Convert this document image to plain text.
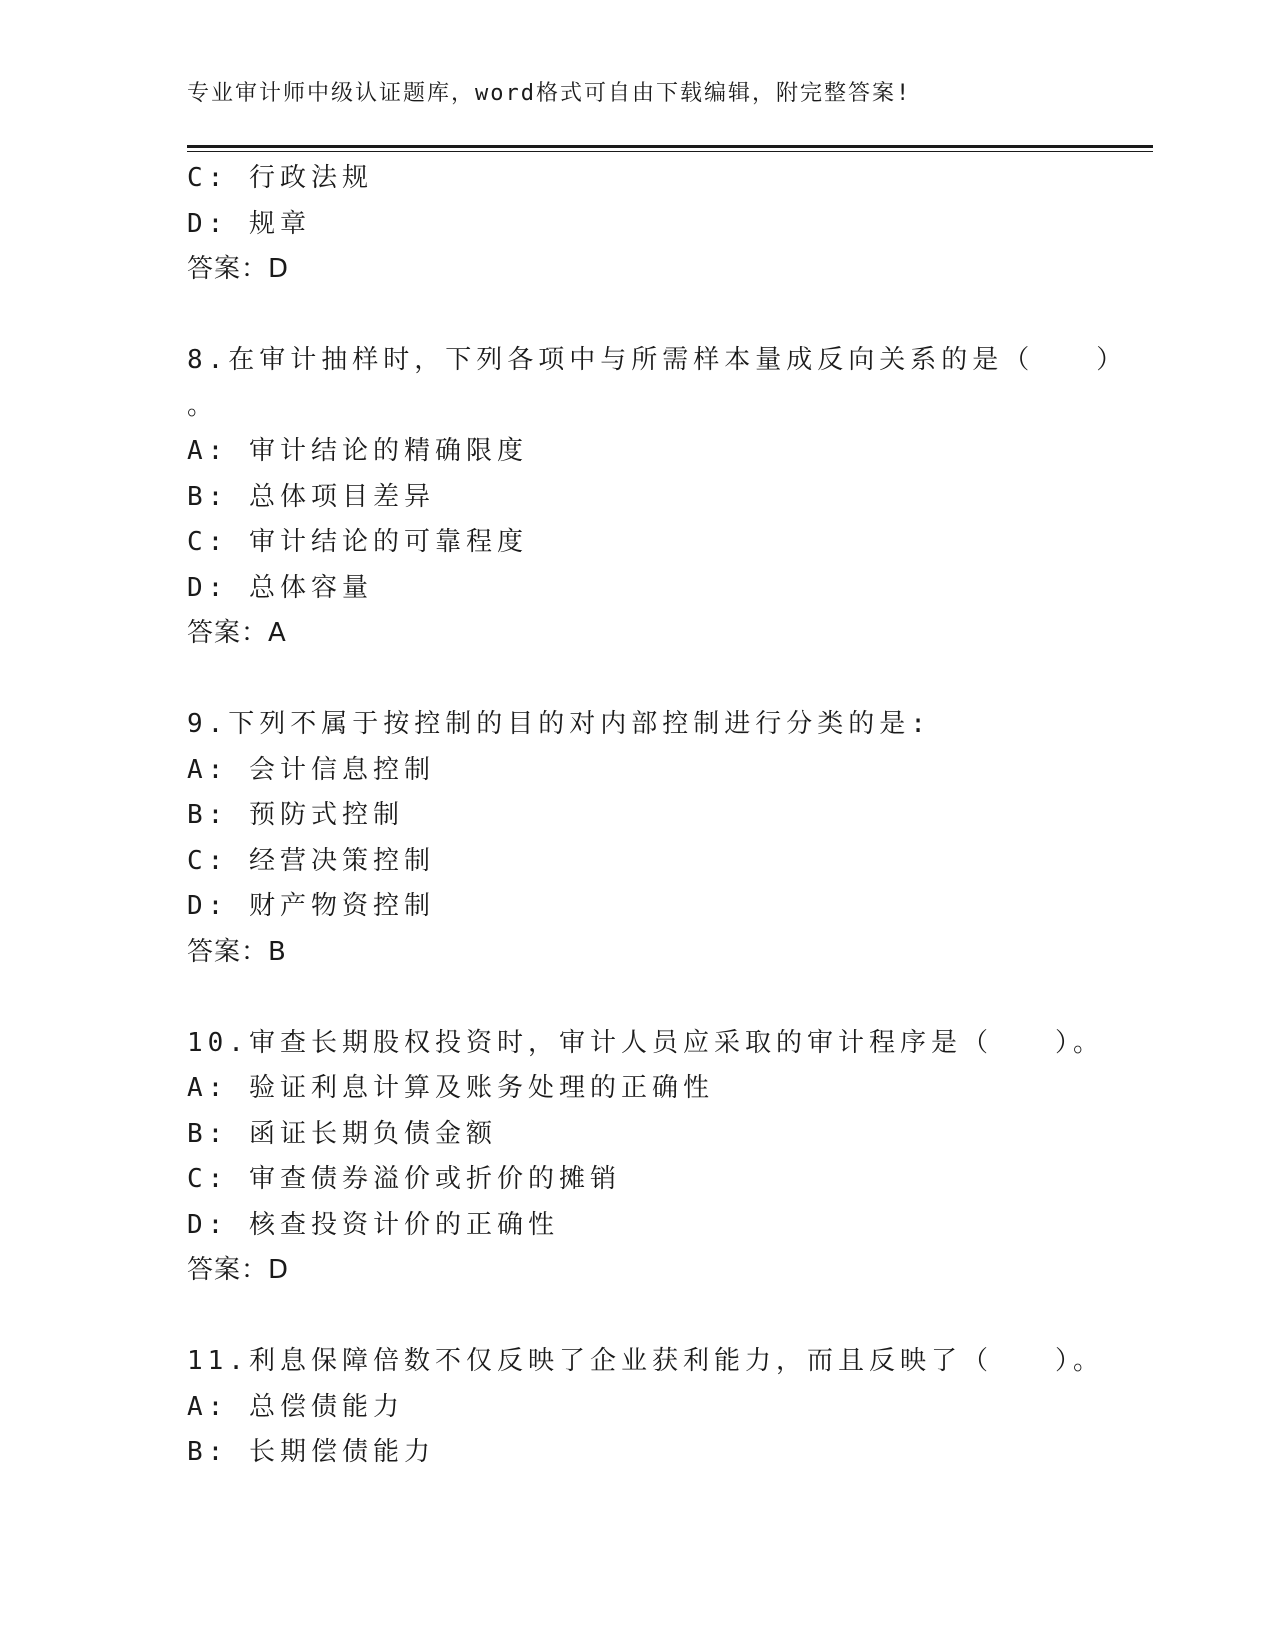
专业审计师中级认证题库，word格式可自由下载编辑，附完整答案!
C: 行政法规
D: 规章
答案：D
8.在审计抽样时，下列各项中与所需样本量成反向关系的是（　　）
。
A: 审计结论的精确限度
B: 总体项目差异
C: 审计结论的可靠程度
D: 总体容量
答案：A
9.下列不属于按控制的目的对内部控制进行分类的是:
A: 会计信息控制
B: 预防式控制
C: 经营决策控制
D: 财产物资控制
答案：B
10.审查长期股权投资时，审计人员应采取的审计程序是（　　）。
A: 验证利息计算及账务处理的正确性
B: 函证长期负债金额
C: 审查债券溢价或折价的摊销
D: 核查投资计价的正确性
答案：D
11.利息保障倍数不仅反映了企业获利能力，而且反映了（　　）。
A: 总偿债能力
B: 长期偿债能力
